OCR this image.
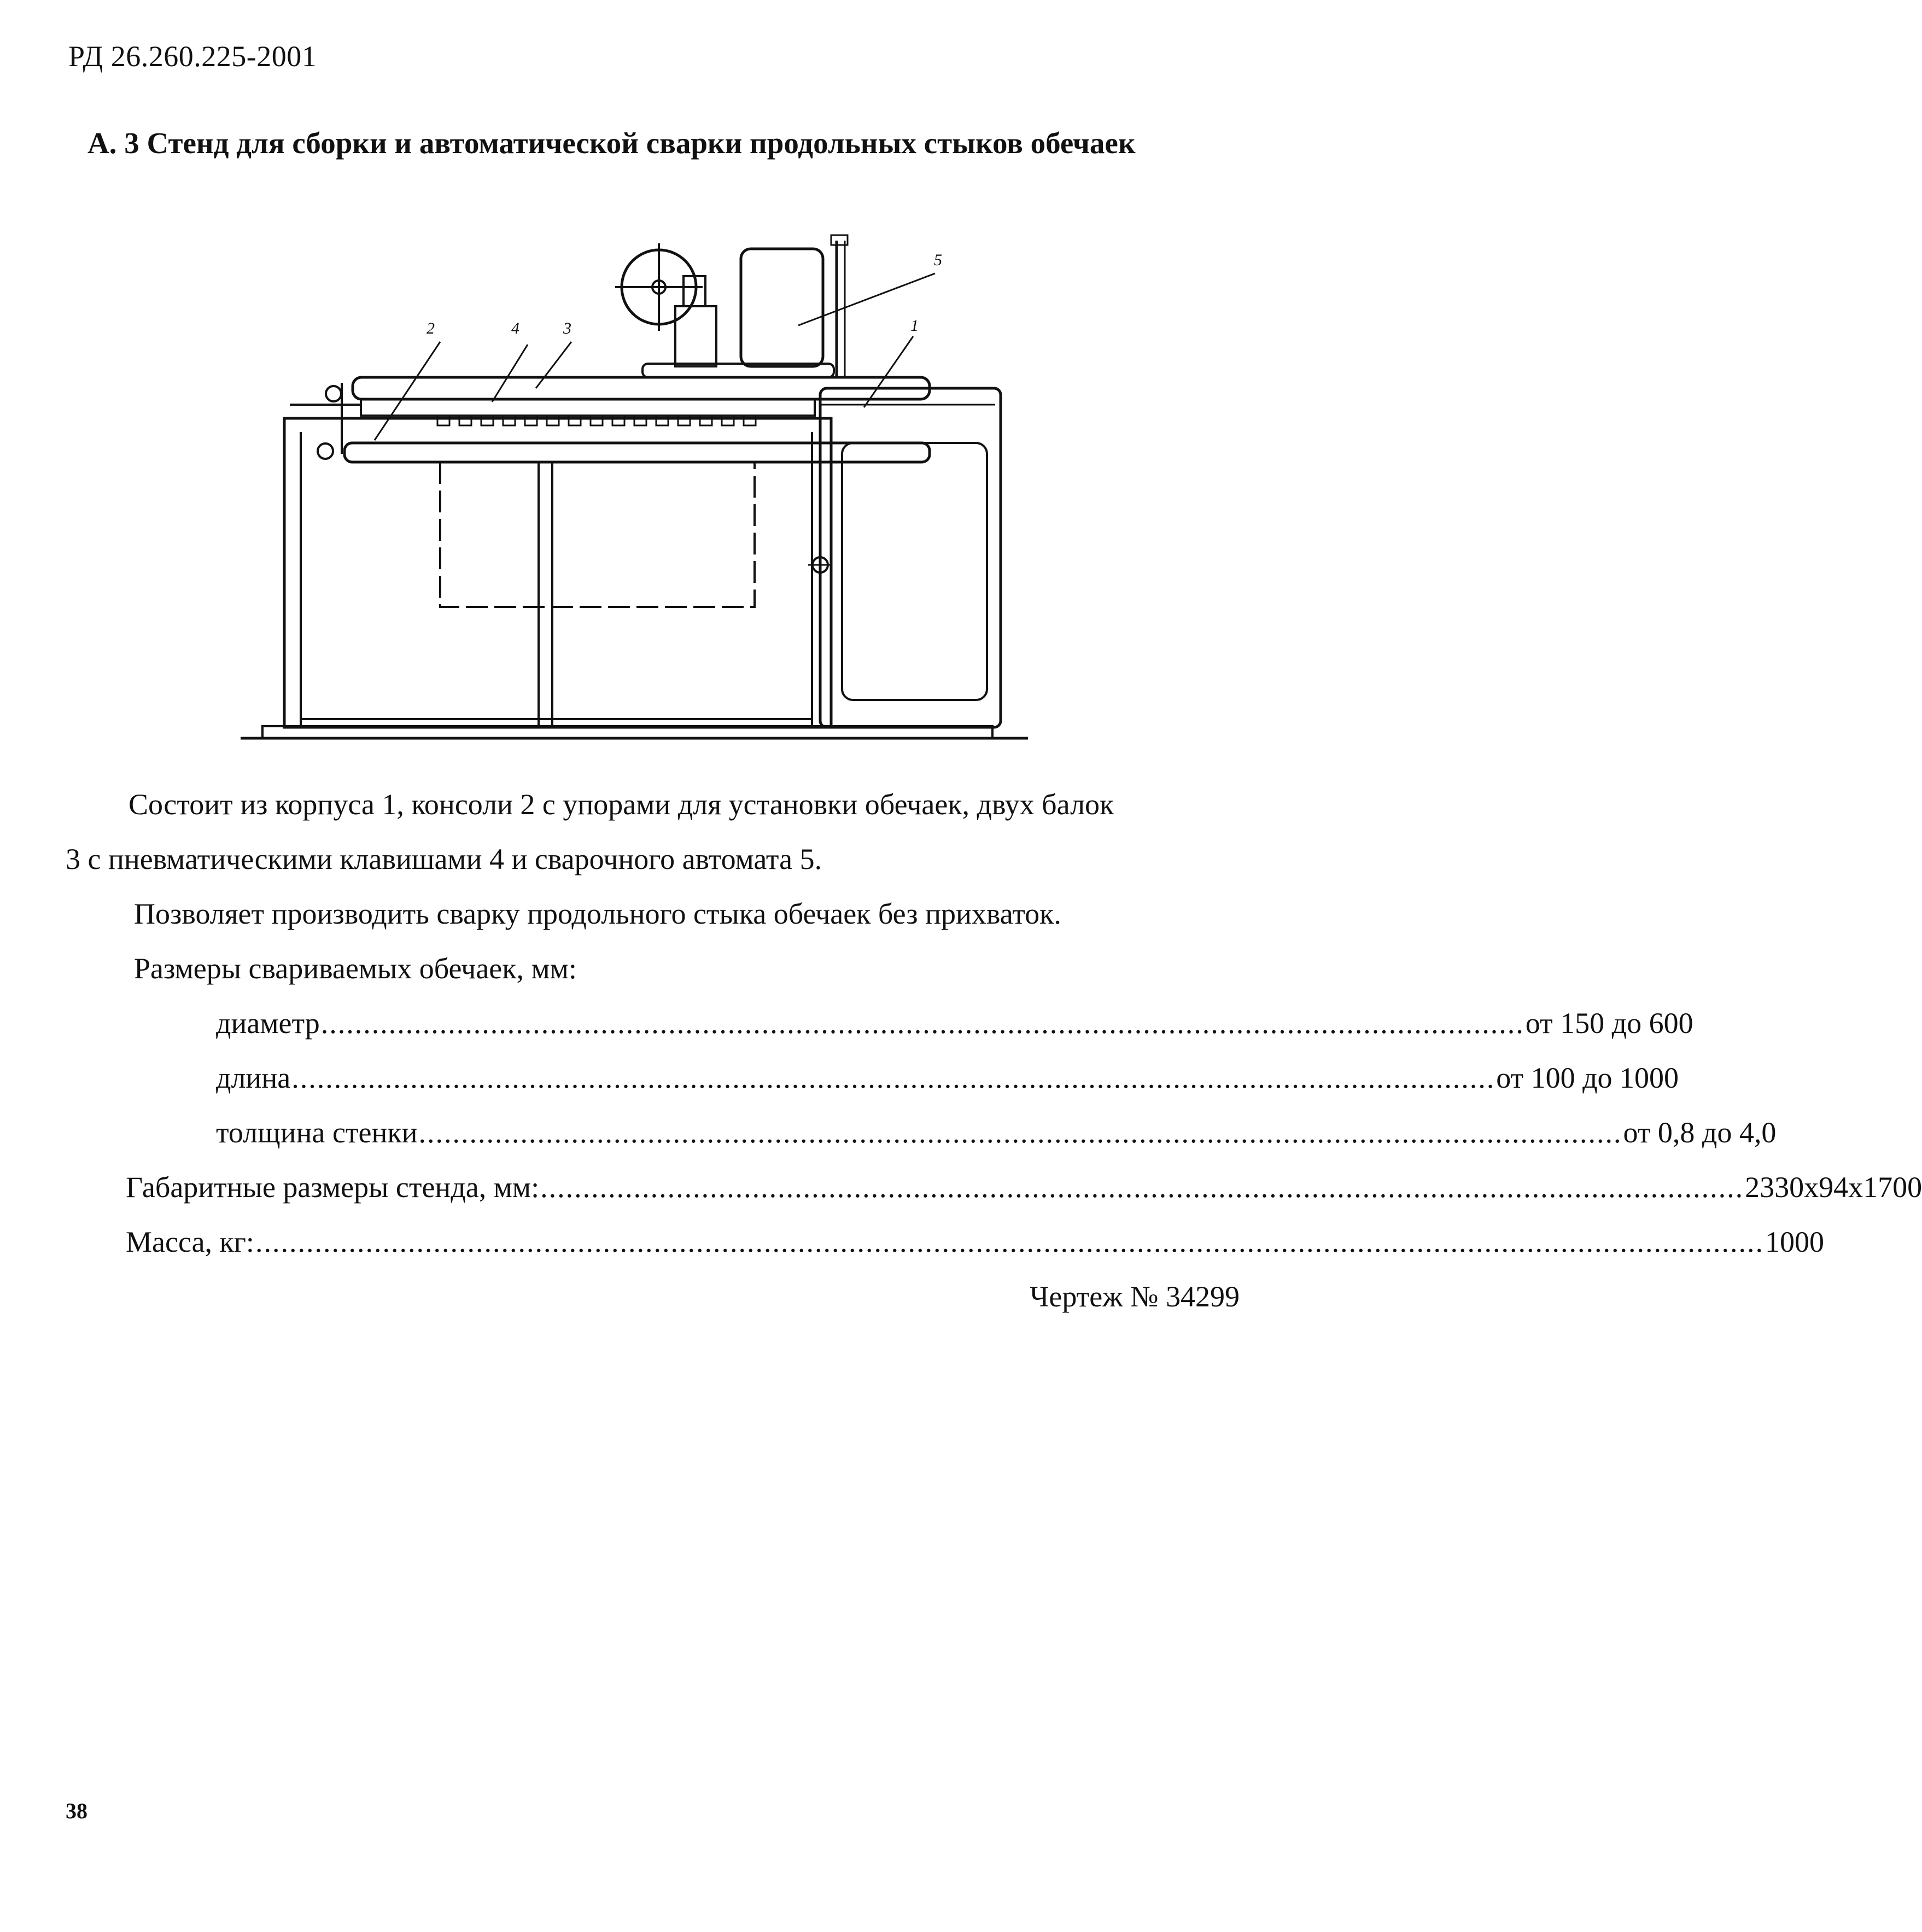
РД 26.260.225-2001
А. 3 Стенд для сборки и автоматической сварки продольных стыков обечаек
2	4	3	1
5
Состоит из корпуса 1, консоли 2 с упорами для установки обечаек, двух балок
3 с пневматическими клавишами 4 и сварочного автомата 5.
Позволяет производить сварку продольного стыка обечаек без прихваток.
Размеры свариваемых обечаек, мм:
диаметр .............................................................................................................................................. от 150 до 600
длина .............................................................................................................................................. от 100 до 1000
толщина стенки .............................................................................................................................................. от 0,8 до 4,0
Габаритные размеры стенда, мм: .............................................................................................................................................. 2330х94х1700
Масса, кг: .................................................................................................................................................................................. 1000
Чертеж № 34299
38
